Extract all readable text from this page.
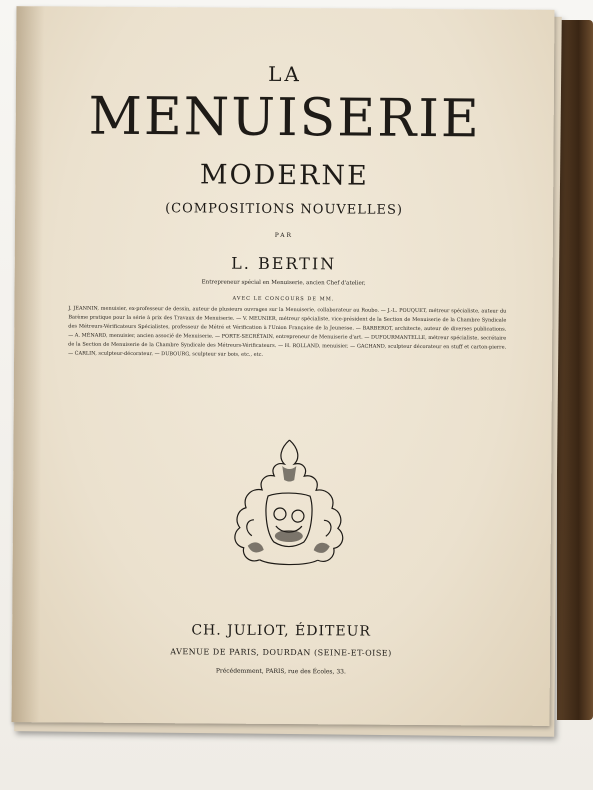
LA
MENUISERIE
MODERNE
(COMPOSITIONS NOUVELLES)
PAR
L. BERTIN
Entrepreneur spécial en Menuiserie, ancien Chef d'atelier,
AVEC LE CONCOURS DE MM.
J. JEANNIN, menuisier, ex-professeur de dessin, auteur de plusieurs ouvrages sur la Menuiserie, collaborateur au Roubo. — J.-L. POUQUET, métreur spécialiste, auteur du Barème pratique pour la série à prix des Travaux de Menuiserie. — V. MEUNIER, métreur spécialiste, vice-président de la Section de Menuiserie de la Chambre Syndicale des Métreurs-Vérificateurs Spécialistes, professeur de Métré et Vérification à l'Union Française de la Jeunesse. — BARBEROT, architecte, auteur de diverses publications. — A. MÉNARD, menuisier, ancien associé de Menuiserie. — PORTE-SECRÉTAIN, entrepreneur de Menuiserie d'art. — DUFOURMANTELLE, métreur spécialiste, secrétaire de la Section de Menuiserie de la Chambre Syndicale des Métreurs-Vérificateurs. — H. ROLLAND, menuisier. — GACHAND, sculpteur décorateur en stuff et carton-pierre. — CARLIN, sculpteur-décorateur. — DUBOURG, sculpteur sur bois, etc., etc.
CH. JULIOT, ÉDITEUR
AVENUE DE PARIS, DOURDAN (SEINE-ET-OISE)
Précédemment, PARIS, rue des Écoles, 33.
